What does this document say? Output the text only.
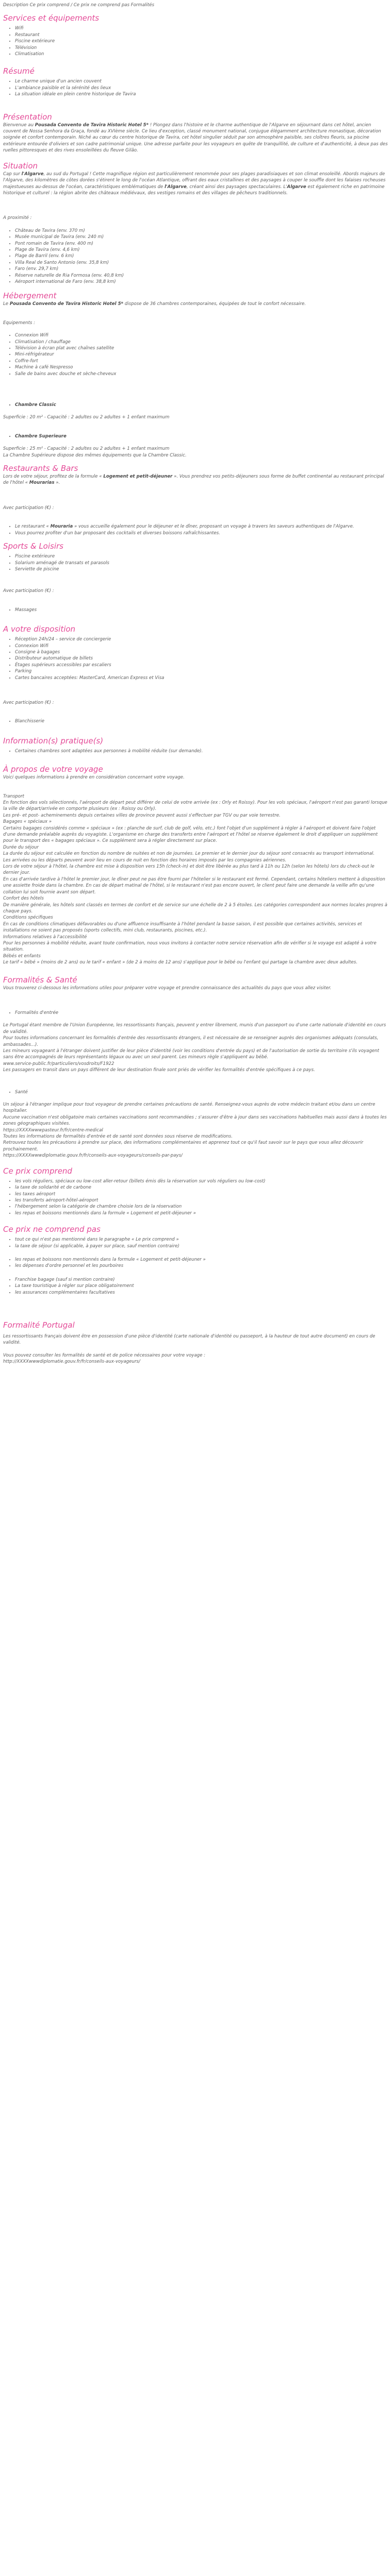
Description Ce prix comprend / Ce prix ne comprend pas Formalités

Services et équipements
• Wifi
• Restaurant
• Piscine extérieure
• Télévision
• Climatisation
Résumé
• Le charme unique d'un ancien couvent
• L'ambiance paisible et la sérénité des lieux
• La situation idéale en plein centre historique de Tavira
Présentation

Bienvenue au Pousada Convento de Tavira Historic Hotel 5* ! Plongez dans l'histoire et le charme authentique de l'Algarve en séjournant dans cet hôtel, ancien couvent de Nossa Senhora da Graça, fondé au XVIème siècle. Ce lieu d'exception, classé monument national, conjugue élégamment architecture monastique, décoration soignée et confort contemporain. Niché au cœur du centre historique de Tavira, cet hôtel singulier séduit par son atmosphère paisible, ses cloîtres fleuris, sa piscine extérieure entourée d'oliviers et son cadre patrimonial unique. Une adresse parfaite pour les voyageurs en quête de tranquillité, de culture et d'authenticité, à deux pas des ruelles pittoresques et des rives ensoleillées du fleuve Gilão.

Situation

Cap sur l'Algarve, au sud du Portugal ! Cette magnifique région est particulièrement renommée pour ses plages paradisiaques et son climat ensoleillé. Abords majeurs de l'Algarve, des kilomètres de côtes dorées s'étirent le long de l'océan Atlantique, offrant des eaux cristallines et des paysages à couper le souffle dont les falaises rocheuses majestueuses au-dessus de l'océan, caractéristiques emblématiques de l'Algarve, créant ainsi des paysages spectaculaires. L'Algarve est également riche en patrimoine historique et culturel : la région abrite des châteaux médiévaux, des vestiges romains et des villages de pêcheurs traditionnels.

A proximité :

• Château de Tavira (env. 370 m)
• Musée municipal de Tavira (env. 240 m)
• Pont romain de Tavira (env. 400 m)
• Plage de Tavira (env. 4,6 km)
• Plage de Barril (env. 6 km)
• Villa Real de Santo Antonio (env. 35,8 km)
• Faro (env. 29,7 km)
• Réserve naturelle de Ria Formosa (env. 40,8 km)
• Aéroport international de Faro (env. 38,8 km)
Hébergement

Le Pousada Convento de Tavira Historic Hotel 5* dispose de 36 chambres contemporaines, équipées de tout le confort nécessaire.

Equipements :

• Connexion Wifi
• Climatisation / chauffage
• Télévision à écran plat avec chaînes satellite
• Mini-réfrigérateur
• Coffre-fort
• Machine à café Nespresso
• Salle de bains avec douche et sèche-cheveux
• Chambre Classic

Superficie : 20 m² - Capacité : 2 adultes ou 2 adultes + 1 enfant maximum

• Chambre Superieure

Superficie : 25 m² - Capacité : 2 adultes ou 2 adultes + 1 enfant maximum

La Chambre Supérieure dispose des mêmes équipements que la Chambre Classic.

Restaurants & Bars

Lors de votre séjour, profitez de la formule « Logement et petit-déjeuner ». Vous prendrez vos petits-déjeuners sous forme de buffet continental au restaurant principal de l'hôtel « Mourarias ».

Avec participation (€) :

• Le restaurant « Mouraria » vous accueille également pour le déjeuner et le dîner, proposant un voyage à travers les saveurs authentiques de l'Algarve.
• Vous pourrez profiter d'un bar proposant des cocktails et diverses boissons rafraîchissantes.
Sports & Loisirs
• Piscine extérieure
• Solarium aménagé de transats et parasols
• Serviette de piscine

Avec participation (€) :

• Massages
A votre disposition
• Réception 24h/24 – service de conciergerie
• Connexion Wifi
• Consigne à bagages
• Distributeur automatique de billets
• Étages supérieurs accessibles par escaliers
• Parking
• Cartes bancaires acceptées: MasterCard, American Express et Visa

Avec participation (€) :

• Blanchisserie
Information(s) pratique(s)
• Certaines chambres sont adaptées aux personnes à mobilité réduite (sur demande).
À propos de votre voyage

Voici quelques informations à prendre en considération concernant votre voyage.

Transport

En fonction des vols sélectionnés, l'aéroport de départ peut différer de celui de votre arrivée (ex : Orly et Roissy). Pour les vols spéciaux, l'aéroport n'est pas garanti lorsque la ville de départ/arrivée en comporte plusieurs (ex : Roissy ou Orly).

Les pré- et post- acheminements depuis certaines villes de province peuvent aussi s'effectuer par TGV ou par voie terrestre.

Bagages « spéciaux »

Certains bagages considérés comme « spéciaux » (ex : planche de surf, club de golf, vélo, etc.) font l'objet d'un supplément à régler à l'aéroport et doivent faire l'objet d'une demande préalable auprès du voyagiste. L'organisme en charge des transferts entre l'aéroport et l'hôtel se réserve également le droit d'appliquer un supplément pour le transport des « bagages spéciaux ». Ce supplément sera à régler directement sur place.

Durée du séjour

La durée du séjour est calculée en fonction du nombre de nuitées et non de journées. Le premier et le dernier jour du séjour sont consacrés au transport international.

Les arrivées ou les départs peuvent avoir lieu en cours de nuit en fonction des horaires imposés par les compagnies aériennes.

Lors de votre séjour à l'hôtel, la chambre est mise à disposition vers 15h (check-in) et doit être libérée au plus tard à 11h ou 12h (selon les hôtels) lors du check-out le dernier jour.

En cas d'arrivée tardive à l'hôtel le premier jour, le dîner peut ne pas être fourni par l'hôtelier si le restaurant est fermé. Cependant, certains hôteliers mettent à disposition une assiette froide dans la chambre. En cas de départ matinal de l'hôtel, si le restaurant n'est pas encore ouvert, le client peut faire une demande la veille afin qu'une collation lui soit fournie avant son départ.

Confort des hôtels

De manière générale, les hôtels sont classés en termes de confort et de service sur une échelle de 2 à 5 étoiles. Les catégories correspondent aux normes locales propres à chaque pays.

Conditions spécifiques

En cas de conditions climatiques défavorables ou d'une affluence insuffisante à l'hôtel pendant la basse saison, il est possible que certaines activités, services et installations ne soient pas proposés (sports collectifs, mini club, restaurants, piscines, etc.).

Informations relatives à l'accessibilité

Pour les personnes à mobilité réduite, avant toute confirmation, nous vous invitons à contacter notre service réservation afin de vérifier si le voyage est adapté à votre situation.

Bébés et enfants

Le tarif « bébé » (moins de 2 ans) ou le tarif « enfant » (de 2 à moins de 12 ans) s'applique pour le bébé ou l'enfant qui partage la chambre avec deux adultes.

Formalités & Santé

Vous trouverez ci-dessous les informations utiles pour préparer votre voyage et prendre connaissance des actualités du pays que vous allez visiter.

• Formalités d'entrée

Le Portugal étant membre de l'Union Européenne, les ressortissants français, peuvent y entrer librement, munis d'un passeport ou d'une carte nationale d'identité en cours de validité.

Pour toutes informations concernant les formalités d'entrée des ressortissants étrangers, il est nécessaire de se renseigner auprès des organismes adéquats (consulats, ambassades...).

Les mineurs voyageant à l'étranger doivent justifier de leur pièce d'identité (voir les conditions d'entrée du pays) et de l'autorisation de sortie du territoire s'ils voyagent sans être accompagnés de leurs représentants légaux ou avec un seul parent. Les mineurs règle s'appliquent au bébé.

www.service-public.fr/particuliers/vosdroits/F1922

Les passagers en transit dans un pays différent de leur destination finale sont priés de vérifier les formalités d'entrée spécifiques à ce pays.

• Santé

Un séjour à l'étranger implique pour tout voyageur de prendre certaines précautions de santé. Renseignez-vous auprès de votre médecin traitant et/ou dans un centre hospitalier.

Aucune vaccination n'est obligatoire mais certaines vaccinations sont recommandées ; s'assurer d'être à jour dans ses vaccinations habituelles mais aussi dans à toutes les zones géographiques visitées.

https://XXXXwwwpasteur.fr/fr/centre-medical

Toutes les informations de formalités d'entrée et de santé sont données sous réserve de modifications.

Retrouvez toutes les précautions à prendre sur place, des informations complémentaires et apprenez tout ce qu'il faut savoir sur le pays que vous allez découvrir prochainement.

https://XXXXwwwdiplomatie.gouv.fr/fr/conseils-aux-voyageurs/conseils-par-pays/

Ce prix comprend
• les vols réguliers, spéciaux ou low-cost aller-retour (billets émis dès la réservation sur vols réguliers ou low-cost)
• la taxe de solidarité et de carbone
• les taxes aéroport
• les transferts aéroport-hôtel-aéroport
• l'hébergement selon la catégorie de chambre choisie lors de la réservation
• les repas et boissons mentionnés dans la formule « Logement et petit-déjeuner »
Ce prix ne comprend pas
• tout ce qui n'est pas mentionné dans le paragraphe « Le prix comprend »
• la taxe de séjour (si applicable, à payer sur place, sauf mention contraire)
• les repas et boissons non mentionnés dans la formule « Logement et petit-déjeuner »
• les dépenses d'ordre personnel et les pourboires
• Franchise bagage (sauf si mention contraire)
• La taxe touristique à régler sur place obligatoirement
• les assurances complémentaires facultatives
Formalité Portugal

Les ressortissants français doivent être en possession d'une pièce d'identité (carte nationale d'identité ou passeport, à la hauteur de tout autre document) en cours de validité.

Vous pouvez consulter les formalités de santé et de police nécessaires pour votre voyage :

http://XXXXwwwdiplomatie.gouv.fr/fr/conseils-aux-voyageurs/
